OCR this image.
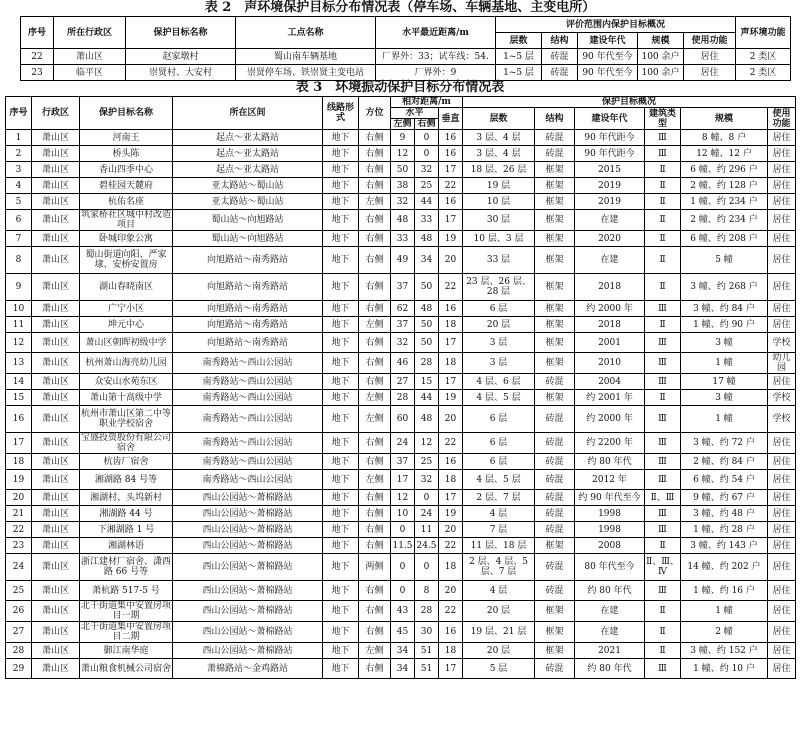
表 2　声环境保护目标分布情况表（停车场、车辆基地、主变电所）
序号	所在行政区	保护目标名称	工点名称	水平最近距离/m	评价范围内保护目标概况					声环境功能
					层数	结构	建设年代	规模	使用功能	
22	萧山区	赵家墩村	蜀山南车辆基地	厂界外：33；试车线：54.	1~5 层	砖混	90 年代至今	100 余户	居住	2 类区
23	临平区	崇贤村、大安村	崇贤停车场、铁崇贤主变电站	厂界外：9	1~5 层	砖混	90 年代至今	100 余户	居住	2 类区
表 3　环境振动保护目标分布情况表
序号	行政区	保护目标名称	所在区间	线路形式	方位	相对距离/m			保护目标概况					
						水平		垂直	层数	结构	建设年代	建筑类型	规模	使用功能
						左侧	右侧							
1	萧山区	河南王	起点～亚太路站	地下	右侧	9	0	16	3 层、4 层	砖混	90 年代距今	Ⅲ	8 幢、8 户	居住
2	萧山区	桥头陈	起点～亚太路站	地下	右侧	12	0	16	3 层、4 层	砖混	90 年代距今	Ⅲ	12 幢、12 户	居住
3	萧山区	香山四季中心	起点～亚太路站	地下	右侧	50	32	17	18 层、26 层	框架	2015	Ⅱ	6 幢、约 296 户	居住
4	萧山区	碧桂园天麓府	亚太路站～蜀山站	地下	右侧	38	25	22	19 层	框架	2019	Ⅱ	2 幢、约 128 户	居住
5	萧山区	杭佑名座	亚太路站～蜀山站	地下	左侧	32	44	16	10 层	框架	2019	Ⅱ	1 幢、约 234 户	居住
6	萧山区	筑家桥社区城中村改造项目	蜀山站～向旭路站	地下	右侧	48	33	17	30 层	框架	在建	Ⅱ	2 幢、约 234 户	居住
7	萧山区	卧城印象公寓	蜀山站～向旭路站	地下	右侧	33	48	19	10 层、3 层	框架	2020	Ⅱ	6 幢、约 208 户	居住
8	萧山区	蜀山街道向阳、严家埭、安桥安置房	向旭路站～南秀路站	地下	右侧	49	34	20	33 层	框架	在建	Ⅱ	5 幢	居住
9	萧山区	湖山春晓南区	向旭路站～南秀路站	地下	右侧	37	50	22	23 层、26 层、28 层	框架	2018	Ⅱ	3 幢、约 268 户	居住
10	萧山区	广宁小区	向旭路站～南秀路站	地下	右侧	62	48	16	6 层	框架	约 2000 年	Ⅲ	3 幢、约 84 户	居住
11	萧山区	坤元中心	向旭路站～南秀路站	地下	左侧	37	50	18	20 层	框架	2018	Ⅱ	1 幢、约 90 户	居住
12	萧山区	萧山区朝晖初级中学	向旭路站～南秀路站	地下	右侧	32	50	17	3 层	框架	2001	Ⅲ	3 幢	学校
13	萧山区	杭州萧山海亮幼儿园	南秀路站～西山公园站	地下	右侧	46	28	18	3 层	框架	2010	Ⅲ	1 幢	幼儿园
14	萧山区	众安山水苑东区	南秀路站～西山公园站	地下	右侧	27	15	17	4 层、6 层	砖混	2004	Ⅲ	17 幢	居住
15	萧山区	萧山第十高级中学	南秀路站～西山公园站	地下	左侧	28	44	19	4 层、5 层	框架	约 2001 年	Ⅱ	3 幢	学校
16	萧山区	杭州市萧山区第二中等职业学校宿舍	南秀路站～西山公园站	地下	左侧	60	48	20	6 层	砖混	约 2000 年	Ⅲ	1 幢	学校
17	萧山区	宝盛投资股份有限公司宿舍	南秀路站～西山公园站	地下	右侧	24	12	22	6 层	砖混	约 2200 年	Ⅲ	3 幢、约 72 户	居住
18	萧山区	杭齿厂宿舍	南秀路站～西山公园站	地下	右侧	37	25	16	6 层	砖混	约 80 年代	Ⅲ	2 幢、约 84 户	居住
19	萧山区	湘湖路 84 号等	南秀路站～西山公园站	地下	左侧	17	32	18	4 层、5 层	砖混	2012 年	Ⅲ	6 幢、约 54 户	居住
20	萧山区	湘湖村、头坞新村	西山公园站～萧棉路站	地下	右侧	12	0	17	2 层、7 层	砖混	约 90 年代至今	Ⅱ、Ⅲ	9 幢、约 67 户	居住
21	萧山区	湘湖路 44 号	西山公园站～萧棉路站	地下	右侧	10	24	19	4 层	砖混	1998	Ⅲ	3 幢、约 48 户	居住
22	萧山区	下湘湖路 1 号	西山公园站～萧棉路站	地下	右侧	0	11	20	7 层	砖混	1998	Ⅲ	1 幢、约 28 户	居住
23	萧山区	湘湖林语	西山公园站～萧棉路站	地下	右侧	11.5	24.5	22	11 层、18 层	框架	2008	Ⅱ	3 幢、约 143 户	居住
24	萧山区	浙江建材厂宿舍、潇西路 66 号等	西山公园站～萧棉路站	地下	两侧	0	0	18	2 层、4 层、5 层、7 层	砖混	80 年代至今	Ⅱ、Ⅲ、Ⅳ	14 幢、约 202 户	居住
25	萧山区	萧杭路 517-5 号	西山公园站～萧棉路站	地下	右侧	0	8	20	4 层	砖混	约 80 年代	Ⅲ	1 幢、约 16 户	居住
26	萧山区	北干街道集中安置房项目一期	西山公园站～萧棉路站	地下	右侧	43	28	22	20 层	框架	在建	Ⅱ	1 幢	居住
27	萧山区	北干街道集中安置房项目二期	西山公园站～萧棉路站	地下	右侧	45	30	16	19 层、21 层	框架	在建	Ⅱ	2 幢	居住
28	萧山区	御江南华庭	西山公园站～萧棉路站	地下	左侧	34	51	18	20 层	框架	2021	Ⅱ	3 幢、约 152 户	居住
29	萧山区	萧山粮食机械公司宿舍	萧棉路站～金鸡路站	地下	右侧	34	51	17	5 层	砖混	约 80 年代	Ⅲ	1 幢、约 10 户	居住
